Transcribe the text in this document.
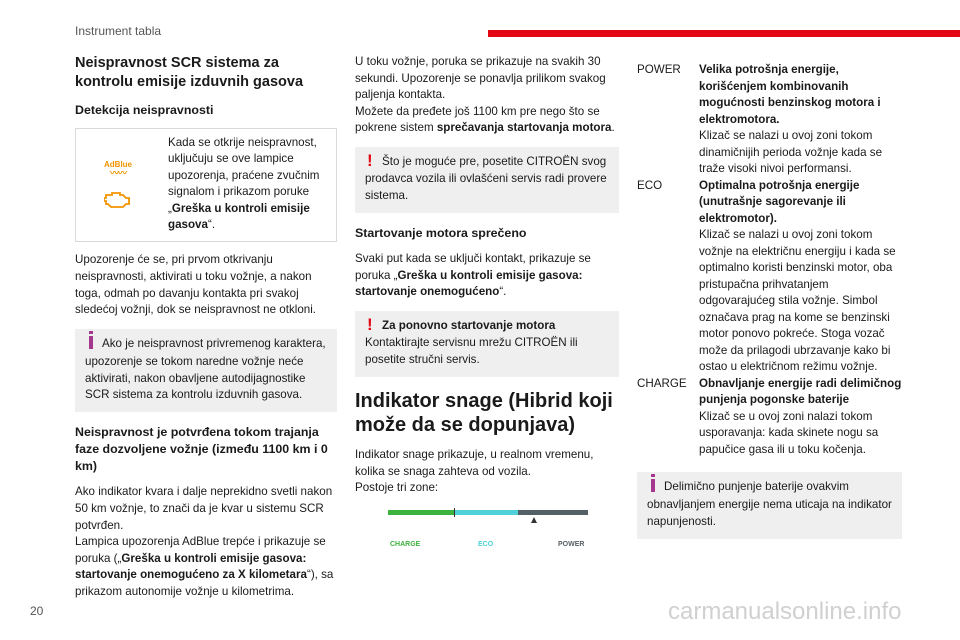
Instrument tabla
Neispravnost SCR sistema za kontrolu emisije izduvnih gasova
Detekcija neispravnosti
AdBlue
〰〰
Kada se otkrije neispravnost, uključuju se ove lampice upozorenja, praćene zvučnim signalom i prikazom poruke „Greška u kontroli emisije gasova“.
Upozorenje će se, pri prvom otkrivanju neispravnosti, aktivirati u toku vožnje, a nakon toga, odmah po davanju kontakta pri svakoj sledećoj vožnji, dok se neispravnost ne otkloni.
Ako je neispravnost privremenog karaktera, upozorenje se tokom naredne vožnje neće aktivirati, nakon obavljene autodijagnostike SCR sistema za kontrolu izduvnih gasova.
Neispravnost je potvrđena tokom trajanja faze dozvoljene vožnje (između 1100 km i 0 km)
Ako indikator kvara i dalje neprekidno svetli nakon 50 km vožnje, to znači da je kvar u sistemu SCR potvrđen.
Lampica upozorenja AdBlue trepće i prikazuje se poruka („Greška u kontroli emisije gasova: startovanje onemogućeno za X kilometara“), sa prikazom autonomije vožnje u kilometrima.
U toku vožnje, poruka se prikazuje na svakih 30 sekundi. Upozorenje se ponavlja prilikom svakog paljenja kontakta.
Možete da pređete još 1100 km pre nego što se pokrene sistem sprečavanja startovanja motora.
! Što je moguće pre, posetite CITROËN svog prodavca vozila ili ovlašćeni servis radi provere sistema.
Startovanje motora sprečeno
Svaki put kada se uključi kontakt, prikazuje se poruka „Greška u kontroli emisije gasova: startovanje onemogućeno“.
! Za ponovno startovanje motora
Kontaktirajte servisnu mrežu CITROËN ili posetite stručni servis.
Indikator snage (Hibrid koji može da se dopunjava)
Indikator snage prikazuje, u realnom vremenu, kolika se snaga zahteva od vozila.
Postoje tri zone:
CHARGE	ECO	POWER
POWER	Velika potrošnja energije, korišćenjem kombinovanih mogućnosti benzinskog motora i elektromotora.
Klizač se nalazi u ovoj zoni tokom dinamičnijih perioda vožnje kada se traže visoki nivoi performansi.
ECO	Optimalna potrošnja energije (unutrašnje sagorevanje ili elektromotor).
Klizač se nalazi u ovoj zoni tokom vožnje na električnu energiju i kada se optimalno koristi benzinski motor, oba pristupačna prihvatanjem odgovarajućeg stila vožnje. Simbol označava prag na kome se benzinski motor ponovo pokreće. Stoga vozač može da prilagodi ubrzavanje kako bi ostao u električnom režimu vožnje.
CHARGE	Obnavljanje energije radi delimičnog punjenja pogonske baterije
Klizač se u ovoj zoni nalazi tokom usporavanja: kada skinete nogu sa papučice gasa ili u toku kočenja.
Delimično punjenje baterije ovakvim obnavljanjem energije nema uticaja na indikator napunjenosti.
20	carmanualsonline.info
